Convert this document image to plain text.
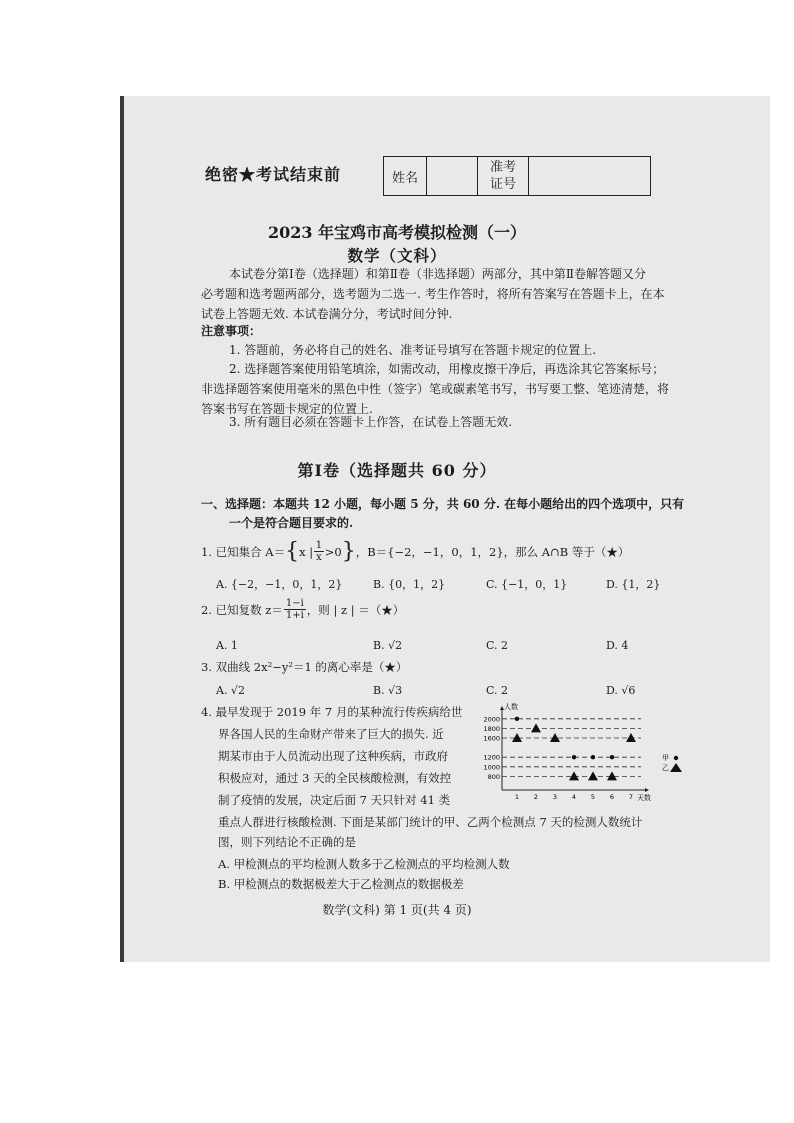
绝密★考试结束前	姓名		准考
证号	
2023 年宝鸡市高考模拟检测（一）
数学（文科）
本试卷分第Ⅰ卷（选择题）和第Ⅱ卷（非选择题）两部分，其中第Ⅱ卷解答题又分
必考题和选考题两部分，选考题为二选一. 考生作答时，将所有答案写在答题卡上，在本
试卷上答题无效. 本试卷满分分，考试时间分钟.
注意事项：
1. 答题前，务必将自己的姓名、准考证号填写在答题卡规定的位置上.
2. 选择题答案使用铅笔填涂，如需改动，用橡皮擦干净后，再选涂其它答案标号；
非选择题答案使用毫米的黑色中性（签字）笔或碳素笔书写，书写要工整、笔迹清楚，将
答案书写在答题卡规定的位置上.
3. 所有题目必须在答题卡上作答，在试卷上答题无效.
第Ⅰ卷（选择题共 60 分）
一、选择题：本题共 12 小题，每小题 5 分，共 60 分. 在每小题给出的四个选项中，只有
一个是符合题目要求的.
1. 已知集合 A＝ { x | $\frac{1}{x} >0$ } ，B＝{−2，−1，0，1，2}，那么 A∩B 等于（★）
A. {−2，−1，0，1，2}	B. {0，1，2}	C. {−1，0，1}	D. {1，2}
2. 已知复数 $z= \frac{1-i}{1+i}$ ，则 | z | ＝（★）
A. 1	B. √2	C. 2	D. 4
3. 双曲线 2x²−y²＝1 的离心率是（★）
A. √2	B. √3	C. 2	D. √6
4. 最早发现于 2019 年 7 月的某种流行传疾病给世
界各国人民的生命财产带来了巨大的损失. 近
期某市由于人员流动出现了这种疾病，市政府
积极应对，通过 3 天的全民核酸检测，有效控
制了疫情的发展，决定后面 7 天只针对 41 类
重点人群进行核酸检测. 下面是某部门统计的甲、乙两个检测点 7 天的检测人数统计
图，则下列结论不正确的是
A. 甲检测点的平均检测人数多于乙检测点的平均检测人数
B. 甲检测点的数据极差大于乙检测点的数据极差
人数
天数
2000
1800
1600
1200
1000
800
1 2 3 4 5 6 7
甲
乙
数学(文科) 第 1 页(共 4 页)
